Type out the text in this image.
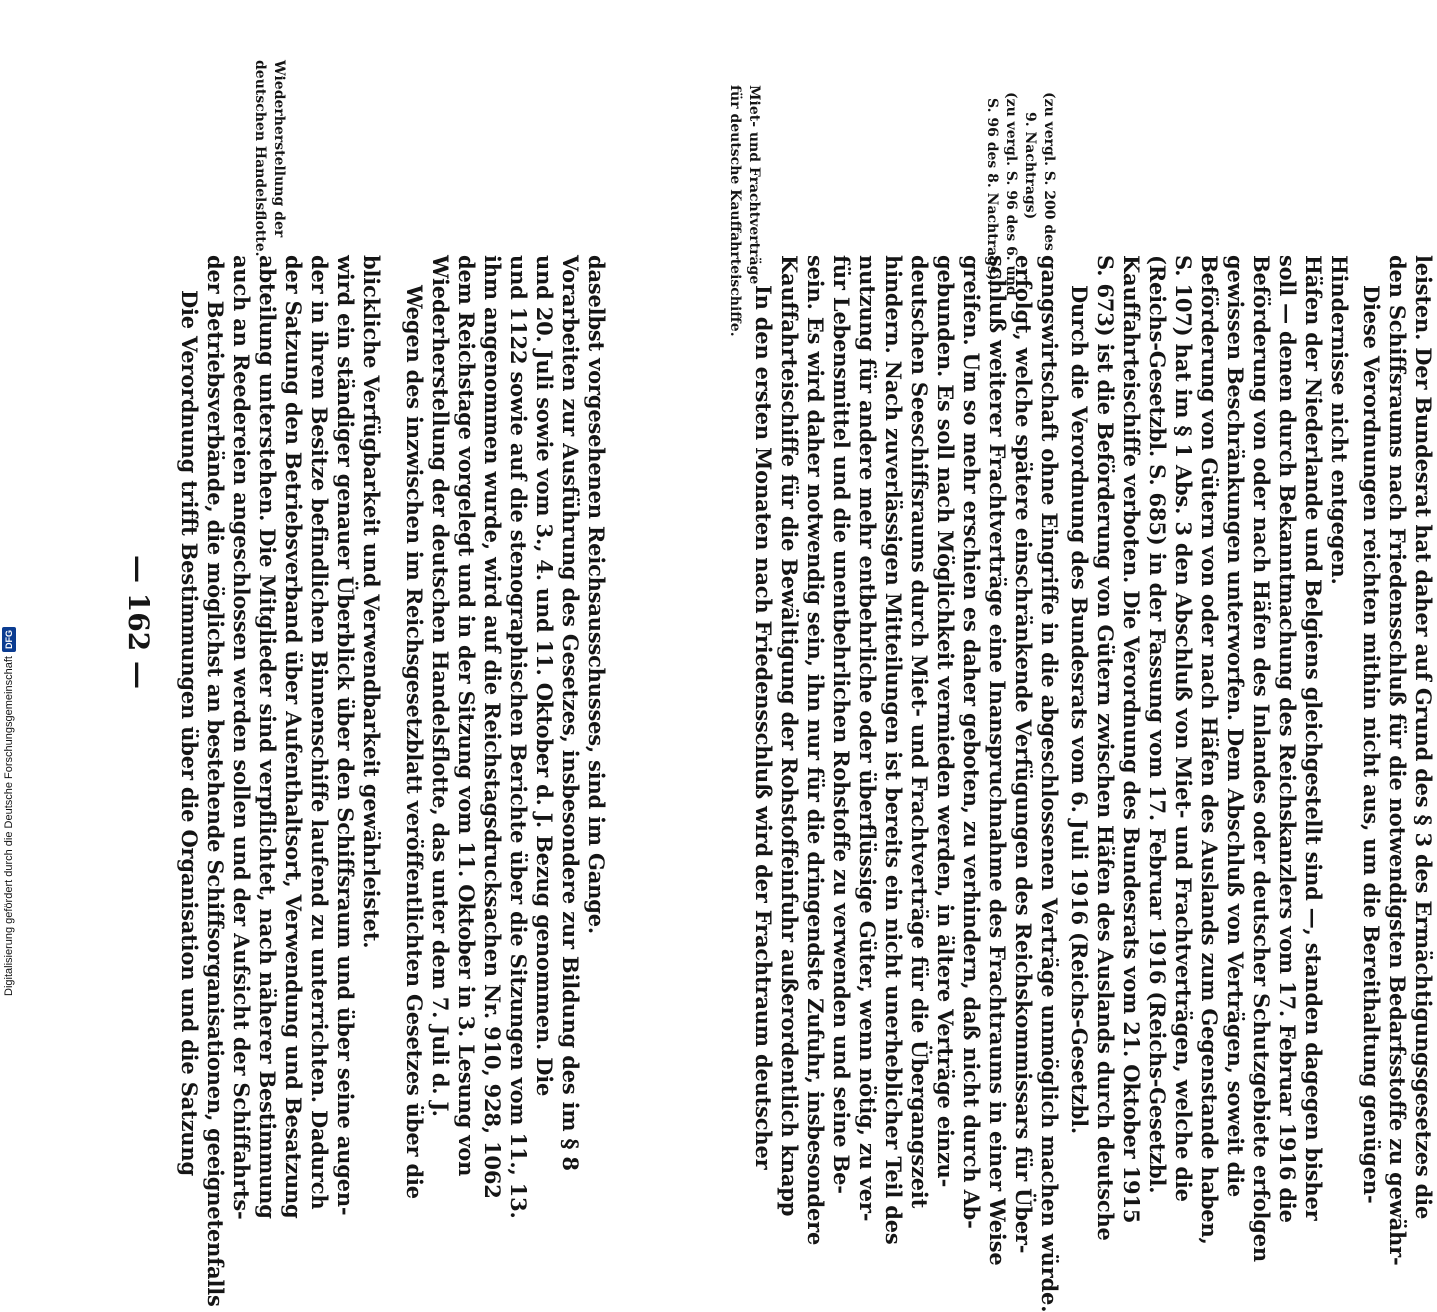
— 162 — Die Verordnung trifft Bestimmungen über die Organisation und die Satzung der Betriebsverbände, die möglichst an bestehende Schiffsorganisationen, geeignetenfalls auch an Reedereien angeschlossen werden sollen und der Aufsicht der Schiffahrts- abteilung unterstehen. Die Mitglieder sind verpflichtet, nach näherer Bestimmung der Satzung den Betriebsverband über Aufenthaltsort, Verwendung und Besatzung der in ihrem Besitze befindlichen Binnenschiffe laufend zu unterrichten. Dadurch wird ein ständiger genauer Überblick über den Schiffsraum und über seine augen- blickliche Verfügbarkeit und Verwendbarkeit gewährleistet.
Wiederherstellung der
deutschen Handelsflotte.
Wegen des inzwischen im Reichsgesetzblatt veröffentlichten Gesetzes über die Wiederherstellung der deutschen Handelsflotte, das unter dem 7. Juli d. J. dem Reichstage vorgelegt und in der Sitzung vom 11. Oktober in 3. Lesung von ihm angenommen wurde, wird auf die Reichstagsdrucksachen Nr. 910, 928, 1062 und 1122 sowie auf die stenographischen Berichte über die Sitzungen vom 11., 13. und 20. Juli sowie vom 3., 4. und 11. Oktober d. J. Bezug genommen. Die Vorarbeiten zur Ausführung des Gesetzes, insbesondere zur Bildung des im § 8 daselbst vorgesehenen Reichsausschusses, sind im Gange.
Miet- und Frachtverträge
für deutsche Kauffahrteischiffe.
In den ersten Monaten nach Friedensschluß wird der Frachtraum deutscher Kauffahrteischiffe für die Bewältigung der Rohstoffeinfuhr außerordentlich knapp sein. Es wird daher notwendig sein, ihn nur für die dringendste Zufuhr, insbesondere für Lebensmittel und die unentbehrlichen Rohstoffe zu verwenden und seine Be- nutzung für andere mehr entbehrliche oder überflüssige Güter, wenn nötig, zu ver- hindern. Nach zuverlässigen Mitteilungen ist bereits ein nicht unerheblicher Teil des deutschen Seeschiffsraums durch Miet- und Frachtverträge für die Übergangszeit gebunden. Es soll nach Möglichkeit vermieden werden, in ältere Verträge einzu- greifen. Um so mehr erschien es daher geboten, zu verhindern, daß nicht durch Ab- schluß weiterer Frachtverträge eine Inanspruchnahme des Frachtraums in einer Weise erfolgt, welche spätere einschränkende Verfügungen des Reichskommissars für Über- gangswirtschaft ohne Eingriffe in die abgeschlossenen Verträge unmöglich machen würde.
(zu vergl. S. 200 des
9. Nachtrags)
(zu vergl. S. 96 des 6. und
S. 96 des 8. Nachtrags).
Durch die Verordnung des Bundesrats vom 6. Juli 1916 (Reichs-Gesetzbl. S. 673) ist die Beförderung von Gütern zwischen Häfen des Auslands durch deutsche Kauffahrteischiffe verboten. Die Verordnung des Bundesrats vom 21. Oktober 1915 (Reichs-Gesetzbl. S. 685) in der Fassung vom 17. Februar 1916 (Reichs-Gesetzbl. S. 107) hat im § 1 Abs. 3 den Abschluß von Miet- und Frachtverträgen, welche die Beförderung von Gütern von oder nach Häfen des Auslands zum Gegenstande haben, gewissen Beschränkungen unterworfen. Dem Abschluß von Verträgen, soweit die Beförderung von oder nach Häfen des Inlandes oder deutscher Schutzgebiete erfolgen soll — denen durch Bekanntmachung des Reichskanzlers vom 17. Februar 1916 die Häfen der Niederlande und Belgiens gleichgestellt sind —, standen dagegen bisher Hindernisse nicht entgegen. Diese Verordnungen reichten mithin nicht aus, um die Bereithaltung genügen- den Schiffsraums nach Friedensschluß für die notwendigsten Bedarfsstoffe zu gewähr- leisten. Der Bundesrat hat daher auf Grund des § 3 des Ermächtigungsgesetzes die
Digitalisierung gefördert durch die Deutsche Forschungsgemeinschaft
DFG
